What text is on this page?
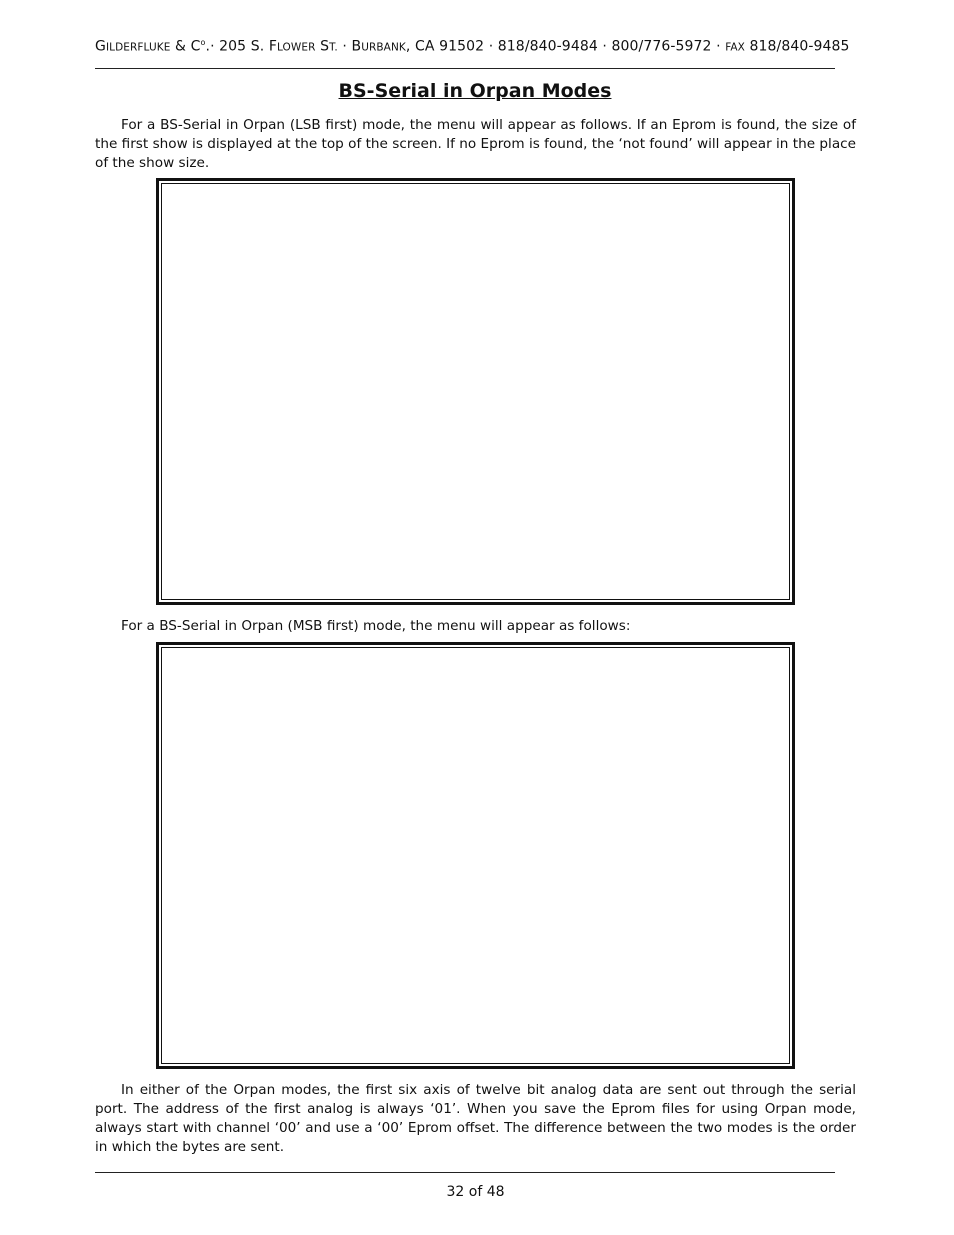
GILDERFLUKE & $C^o.\cdot 205$ S. FLOWER ST. · BURBANK, CA 91502 · 818/840-9484 · 800/776-5972 · FAX 818/840-9485
BS-Serial in Orpan Modes

For a BS-Serial in Orpan (LSB first) mode, the menu will appear as follows. If an Eprom is found, the size of the first show is displayed at the top of the screen. If no Eprom is found, the ‘not found’ will appear in the place of the show size.

For a BS-Serial in Orpan (MSB first) mode, the menu will appear as follows:

In either of the Orpan modes, the first six axis of twelve bit analog data are sent out through the serial port. The address of the first analog is always ‘01’. When you save the Eprom files for using Orpan mode, always start with channel ‘00’ and use a ‘00’ Eprom offset. The difference between the two modes is the order in which the bytes are sent.

32 of 48
